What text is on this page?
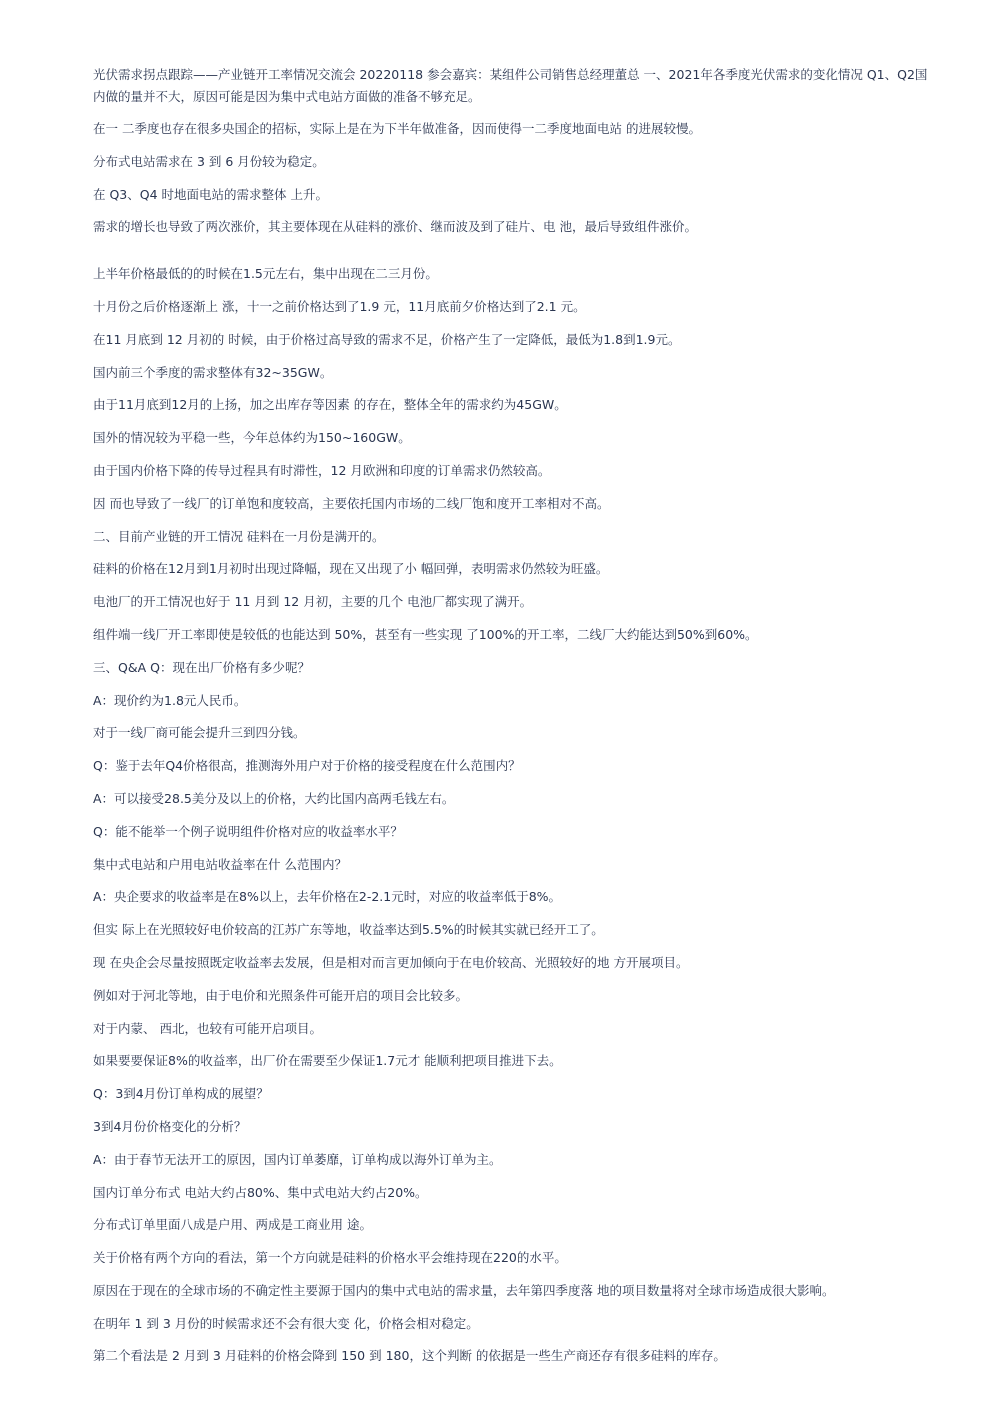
光伏需求拐点跟踪——产业链开工率情况交流会 20220118 参会嘉宾：某组件公司销售总经理董总 一、2021年各季度光伏需求的变化情况 Q1、Q2国内做的量并不大，原因可能是因为集中式电站方面做的准备不够充足。

在一 二季度也存在很多央国企的招标，实际上是在为下半年做准备，因而使得一二季度地面电站 的进展较慢。

分布式电站需求在 3 到 6 月份较为稳定。

在 Q3、Q4 时地面电站的需求整体 上升。

需求的增长也导致了两次涨价，其主要体现在从硅料的涨价、继而波及到了硅片、电 池，最后导致组件涨价。

上半年价格最低的的时候在1.5元左右，集中出现在二三月份。

十月份之后价格逐渐上 涨，十一之前价格达到了1.9 元，11月底前夕价格达到了2.1 元。

在11 月底到 12 月初的 时候，由于价格过高导致的需求不足，价格产生了一定降低，最低为1.8到1.9元。

国内前三个季度的需求整体有32~35GW。

由于11月底到12月的上扬，加之出库存等因素 的存在，整体全年的需求约为45GW。

国外的情况较为平稳一些，今年总体约为150~160GW。

由于国内价格下降的传导过程具有时滞性，12 月欧洲和印度的订单需求仍然较高。

因 而也导致了一线厂的订单饱和度较高，主要依托国内市场的二线厂饱和度开工率相对不高。

二、目前产业链的开工情况 硅料在一月份是满开的。

硅料的价格在12月到1月初时出现过降幅，现在又出现了小 幅回弹，表明需求仍然较为旺盛。

电池厂的开工情况也好于 11 月到 12 月初，主要的几个 电池厂都实现了满开。

组件端一线厂开工率即使是较低的也能达到 50%，甚至有一些实现 了100%的开工率，二线厂大约能达到50%到60%。

三、Q&A Q：现在出厂价格有多少呢？

A：现价约为1.8元人民币。

对于一线厂商可能会提升三到四分钱。

Q：鉴于去年Q4价格很高，推测海外用户对于价格的接受程度在什么范围内？

A：可以接受28.5美分及以上的价格，大约比国内高两毛钱左右。

Q：能不能举一个例子说明组件价格对应的收益率水平？

集中式电站和户用电站收益率在什 么范围内？

A：央企要求的收益率是在8%以上，去年价格在2-2.1元时，对应的收益率低于8%。

但实 际上在光照较好电价较高的江苏广东等地，收益率达到5.5%的时候其实就已经开工了。

现 在央企会尽量按照既定收益率去发展，但是相对而言更加倾向于在电价较高、光照较好的地 方开展项目。

例如对于河北等地，由于电价和光照条件可能开启的项目会比较多。

对于内蒙、 西北，也较有可能开启项目。

如果要要保证8%的收益率，出厂价在需要至少保证1.7元才 能顺利把项目推进下去。

Q：3到4月份订单构成的展望？

3到4月份价格变化的分析？

A：由于春节无法开工的原因，国内订单萎靡，订单构成以海外订单为主。

国内订单分布式 电站大约占80%、集中式电站大约占20%。

分布式订单里面八成是户用、两成是工商业用 途。

关于价格有两个方向的看法，第一个方向就是硅料的价格水平会维持现在220的水平。

原因在于现在的全球市场的不确定性主要源于国内的集中式电站的需求量，去年第四季度落 地的项目数量将对全球市场造成很大影响。

在明年 1 到 3 月份的时候需求还不会有很大变 化，价格会相对稳定。

第二个看法是 2 月到 3 月硅料的价格会降到 150 到 180，这个判断 的依据是一些生产商还存有很多硅料的库存。
